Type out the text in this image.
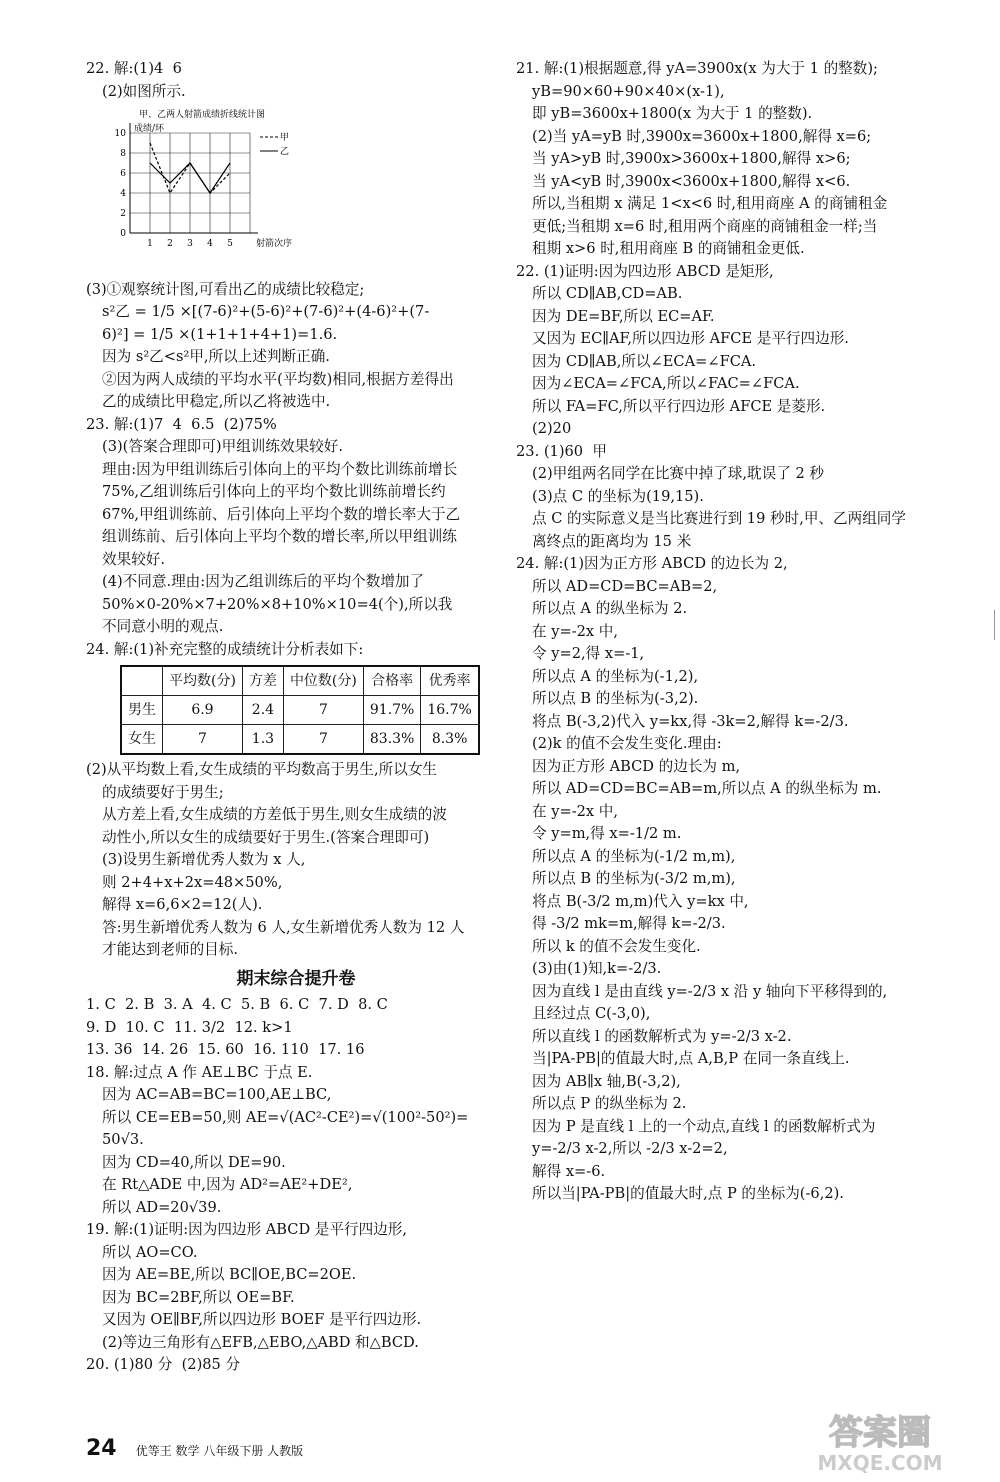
22. 解:(1)4  6
(2)如图所示.
甲、乙两人射箭成绩折线统计图
成绩/环
0
2
4
6
8
10
1 2 3 4 5	射箭次序
甲
乙
(3)①观察统计图,可看出乙的成绩比较稳定;
s²乙 = 1/5 ×[(7-6)²+(5-6)²+(7-6)²+(4-6)²+(7-
6)²] = 1/5 ×(1+1+1+4+1)=1.6.
因为 s²乙<s²甲,所以上述判断正确.
②因为两人成绩的平均水平(平均数)相同,根据方差得出
乙的成绩比甲稳定,所以乙将被选中.
23. 解:(1)7  4  6.5  (2)75%
(3)(答案合理即可)甲组训练效果较好.
理由:因为甲组训练后引体向上的平均个数比训练前增长
75%,乙组训练后引体向上的平均个数比训练前增长约
67%,甲组训练前、后引体向上平均个数的增长率大于乙
组训练前、后引体向上平均个数的增长率,所以甲组训练
效果较好.
(4)不同意.理由:因为乙组训练后的平均个数增加了
50%×0-20%×7+20%×8+10%×10=4(个),所以我
不同意小明的观点.
24. 解:(1)补充完整的成绩统计分析表如下:
	平均数(分)	方差	中位数(分)	合格率	优秀率
男生	6.9	2.4	7	91.7%	16.7%
女生	7	1.3	7	83.3%	8.3%
(2)从平均数上看,女生成绩的平均数高于男生,所以女生
的成绩要好于男生;
从方差上看,女生成绩的方差低于男生,则女生成绩的波
动性小,所以女生的成绩要好于男生.(答案合理即可)
(3)设男生新增优秀人数为 x 人,
则 2+4+x+2x=48×50%,
解得 x=6,6×2=12(人).
答:男生新增优秀人数为 6 人,女生新增优秀人数为 12 人
才能达到老师的目标.
期末综合提升卷
1. C  2. B  3. A  4. C  5. B  6. C  7. D  8. C
9. D  10. C  11. 3/2  12. k>1
13. 36  14. 26  15. 60  16. 110  17. 16
18. 解:过点 A 作 AE⊥BC 于点 E.
因为 AC=AB=BC=100,AE⊥BC,
所以 CE=EB=50,则 AE=√(AC²-CE²)=√(100²-50²)=
50√3.
因为 CD=40,所以 DE=90.
在 Rt△ADE 中,因为 AD²=AE²+DE²,
所以 AD=20√39.
19. 解:(1)证明:因为四边形 ABCD 是平行四边形,
所以 AO=CO.
因为 AE=BE,所以 BC∥OE,BC=2OE.
因为 BC=2BF,所以 OE=BF.
又因为 OE∥BF,所以四边形 BOEF 是平行四边形.
(2)等边三角形有△EFB,△EBO,△ABD 和△BCD.
20. (1)80 分  (2)85 分
21. 解:(1)根据题意,得 yA=3900x(x 为大于 1 的整数);
yB=90×60+90×40×(x-1),
即 yB=3600x+1800(x 为大于 1 的整数).
(2)当 yA=yB 时,3900x=3600x+1800,解得 x=6;
当 yA>yB 时,3900x>3600x+1800,解得 x>6;
当 yA<yB 时,3900x<3600x+1800,解得 x<6.
所以,当租期 x 满足 1<x<6 时,租用商座 A 的商铺租金
更低;当租期 x=6 时,租用两个商座的商铺租金一样;当
租期 x>6 时,租用商座 B 的商铺租金更低.
22. (1)证明:因为四边形 ABCD 是矩形,
所以 CD∥AB,CD=AB.
因为 DE=BF,所以 EC=AF.
又因为 EC∥AF,所以四边形 AFCE 是平行四边形.
因为 CD∥AB,所以∠ECA=∠FCA.
因为∠ECA=∠FCA,所以∠FAC=∠FCA.
所以 FA=FC,所以平行四边形 AFCE 是菱形.
(2)20
23. (1)60  甲
(2)甲组两名同学在比赛中掉了球,耽误了 2 秒
(3)点 C 的坐标为(19,15).
点 C 的实际意义是当比赛进行到 19 秒时,甲、乙两组同学
离终点的距离均为 15 米
24. 解:(1)因为正方形 ABCD 的边长为 2,
所以 AD=CD=BC=AB=2,
所以点 A 的纵坐标为 2.
在 y=-2x 中,
令 y=2,得 x=-1,
所以点 A 的坐标为(-1,2),
所以点 B 的坐标为(-3,2).
将点 B(-3,2)代入 y=kx,得 -3k=2,解得 k=-2/3.
(2)k 的值不会发生变化.理由:
因为正方形 ABCD 的边长为 m,
所以 AD=CD=BC=AB=m,所以点 A 的纵坐标为 m.
在 y=-2x 中,
令 y=m,得 x=-1/2 m.
所以点 A 的坐标为(-1/2 m,m),
所以点 B 的坐标为(-3/2 m,m),
将点 B(-3/2 m,m)代入 y=kx 中,
得 -3/2 mk=m,解得 k=-2/3.
所以 k 的值不会发生变化.
(3)由(1)知,k=-2/3.
因为直线 l 是由直线 y=-2/3 x 沿 y 轴向下平移得到的,
且经过点 C(-3,0),
所以直线 l 的函数解析式为 y=-2/3 x-2.
当|PA-PB|的值最大时,点 A,B,P 在同一条直线上.
因为 AB∥x 轴,B(-3,2),
所以点 P 的纵坐标为 2.
因为 P 是直线 l 上的一个动点,直线 l 的函数解析式为
y=-2/3 x-2,所以 -2/3 x-2=2,
解得 x=-6.
所以当|PA-PB|的值最大时,点 P 的坐标为(-6,2).
24 优等王 数学 八年级下册 人教版	答案圈
MXQE.COM
